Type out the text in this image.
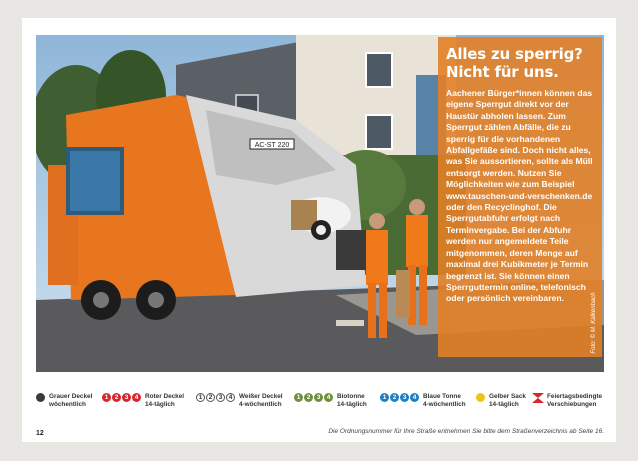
AC-ST 220
Alles zu sperrig?
Nicht für uns.

Aachener Bürger*innen können das eigene Sperrgut direkt vor der Haustür abholen lassen. Zum Sperrgut zählen Abfälle, die zu sperrig für die vorhandenen Abfallgefäße sind. Doch nicht alles, was Sie aussortieren, sollte als Müll entsorgt werden. Nutzen Sie Möglichkeiten wie zum Beispiel www.tauschen-und-verschenken.de oder den Recyclinghof. Die Sperrgutabfuhr erfolgt nach Terminvergabe. Bei der Abfuhr werden nur angemeldete Teile mitgenommen, deren Menge auf maximal drei Kubikmeter je Termin begrenzt ist. Sie können einen Sperrguttermin online, telefonisch oder persönlich vereinbaren.	Foto: © M. Kalkenbach
Grauer Deckel
wöchentlich
1 2 3 4	Roter Deckel
14-täglich
1 2 3 4	Weißer Deckel
4-wöchentlich
1 2 3 4	Biotonne
14-täglich
1 2 3 4	Blaue Tonne
4-wöchentlich
Gelber Sack
14-täglich
Feiertagsbedingte
Verschiebungen
12	Die Ordnungsnummer für Ihre Straße entnehmen Sie bitte dem Straßenverzeichnis ab Seite 16.
